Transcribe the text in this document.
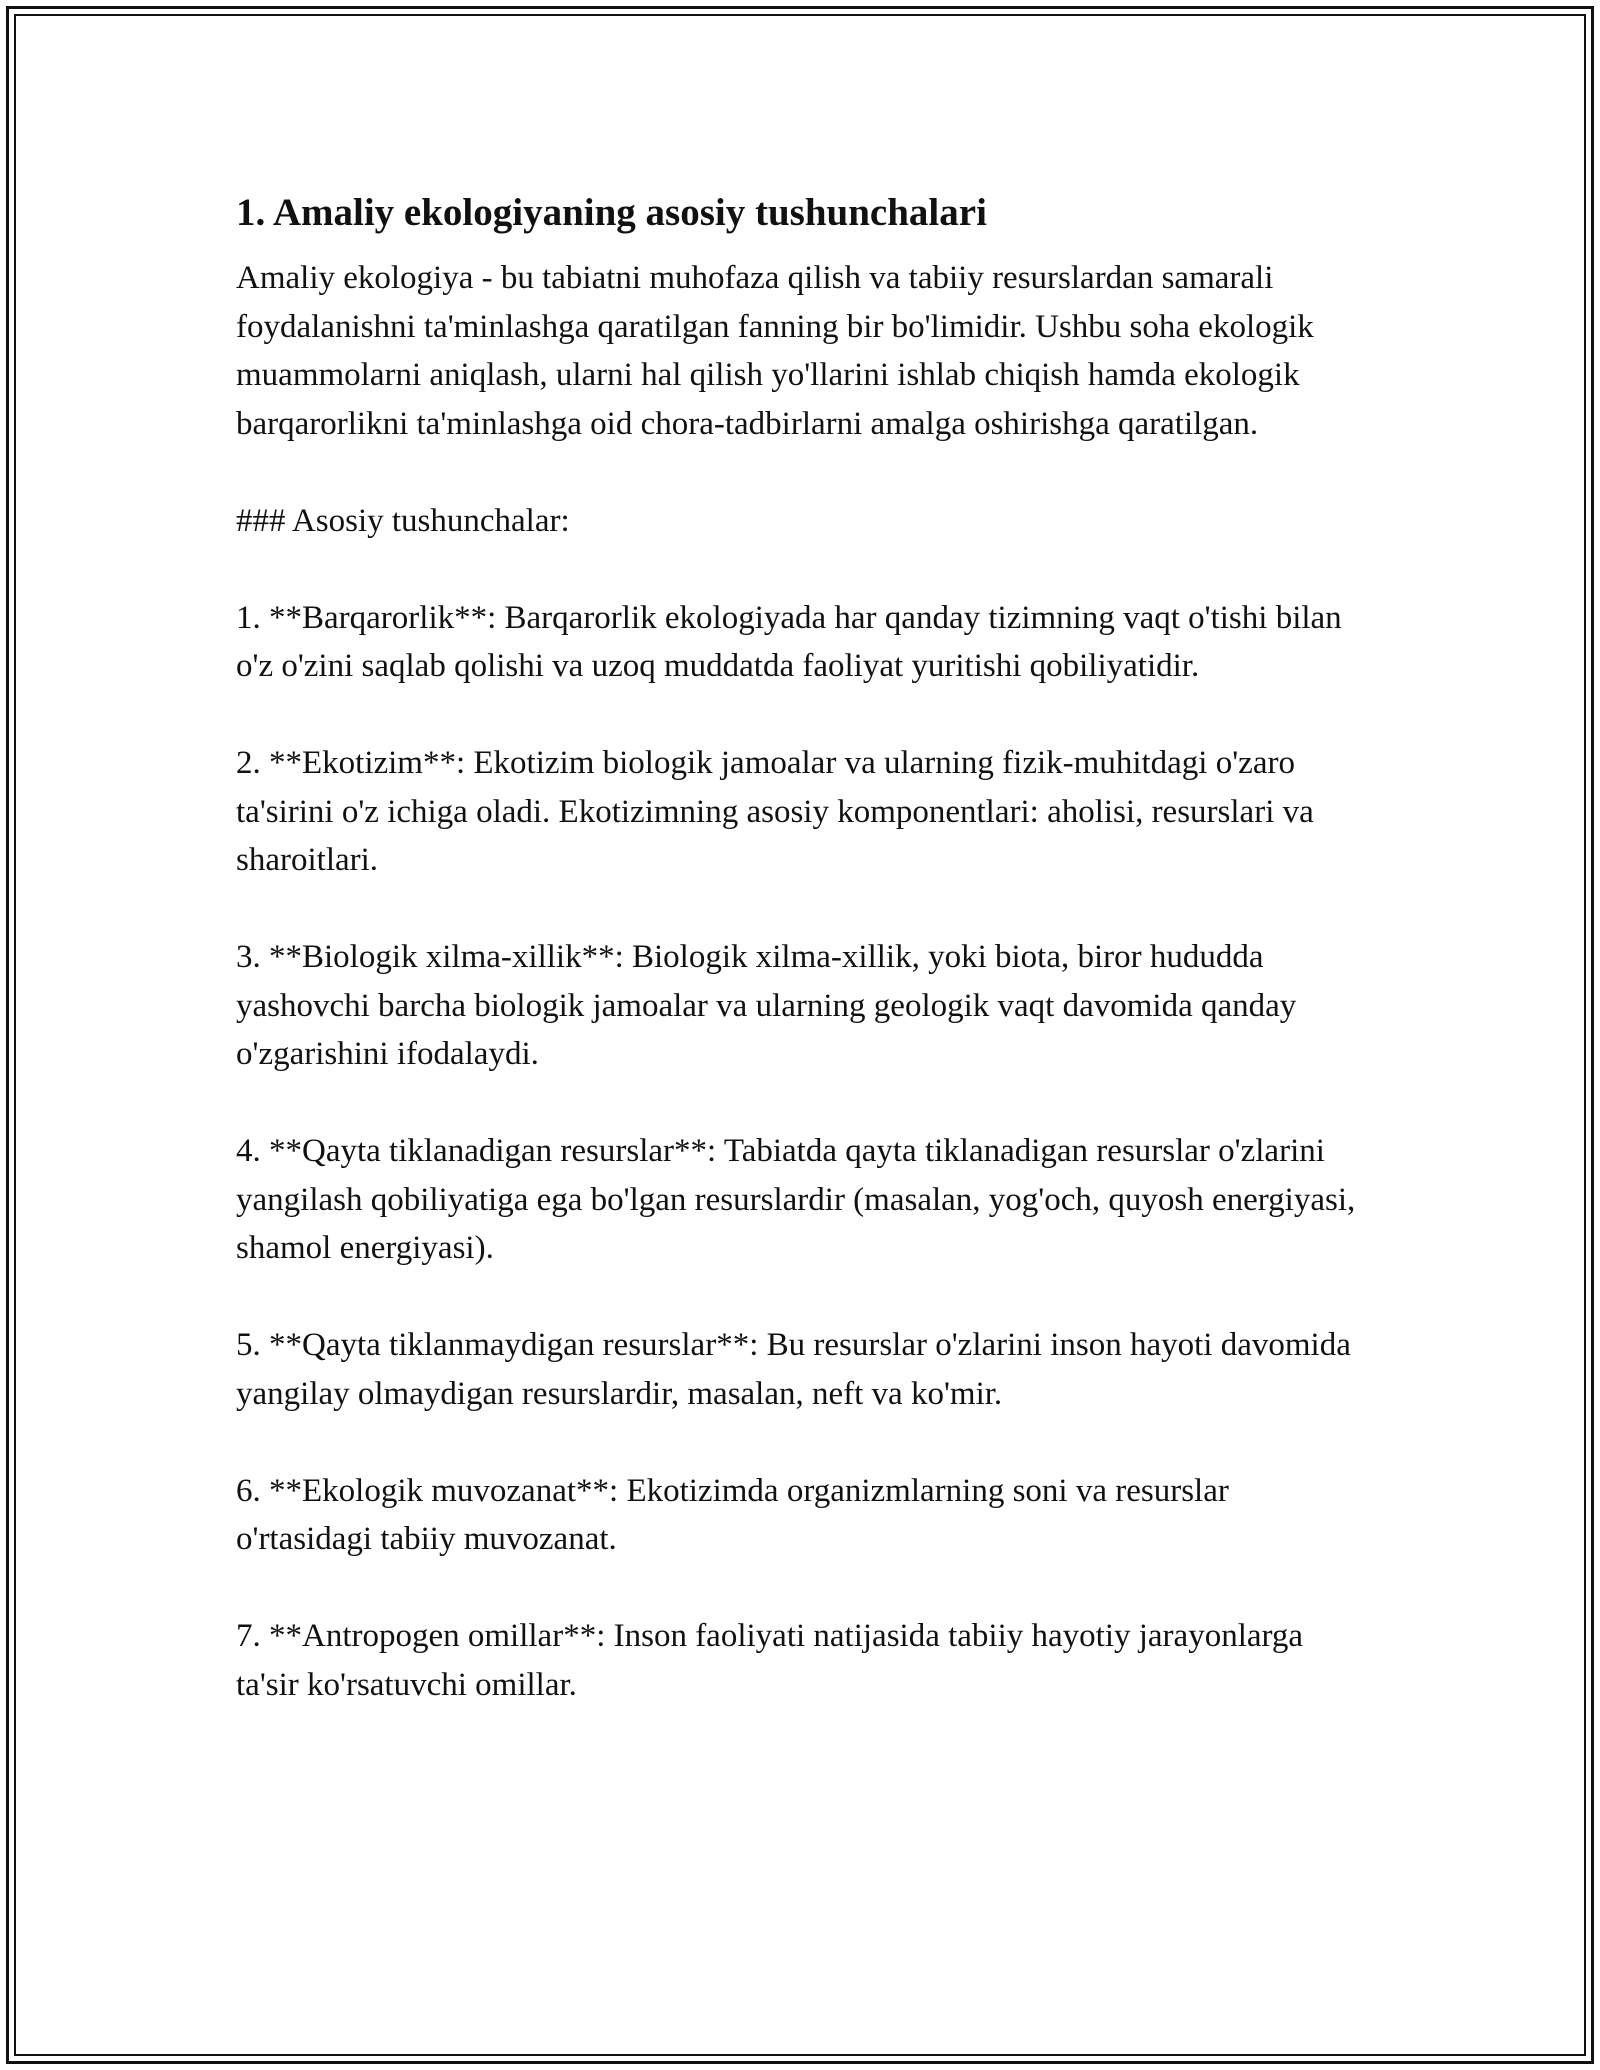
1. Amaliy ekologiyaning asosiy tushunchalari

Amaliy ekologiya - bu tabiatni muhofaza qilish va tabiiy resurslardan samarali foydalanishni ta'minlashga qaratilgan fanning bir bo'limidir. Ushbu soha ekologik muammolarni aniqlash, ularni hal qilish yo'llarini ishlab chiqish hamda ekologik barqarorlikni ta'minlashga oid chora-tadbirlarni amalga oshirishga qaratilgan.

### Asosiy tushunchalar:

1. **Barqarorlik**: Barqarorlik ekologiyada har qanday tizimning vaqt o'tishi bilan o'z o'zini saqlab qolishi va uzoq muddatda faoliyat yuritishi qobiliyatidir.

2. **Ekotizim**: Ekotizim biologik jamoalar va ularning fizik-muhitdagi o'zaro ta'sirini o'z ichiga oladi. Ekotizimning asosiy komponentlari: aholisi, resurslari va sharoitlari.

3. **Biologik xilma-xillik**: Biologik xilma-xillik, yoki biota, biror hududda yashovchi barcha biologik jamoalar va ularning geologik vaqt davomida qanday o'zgarishini ifodalaydi.

4. **Qayta tiklanadigan resurslar**: Tabiatda qayta tiklanadigan resurslar o'zlarini yangilash qobiliyatiga ega bo'lgan resurslardir (masalan, yog'och, quyosh energiyasi, shamol energiyasi).

5. **Qayta tiklanmaydigan resurslar**: Bu resurslar o'zlarini inson hayoti davomida yangilay olmaydigan resurslardir, masalan, neft va ko'mir.

6. **Ekologik muvozanat**: Ekotizimda organizmlarning soni va resurslar o'rtasidagi tabiiy muvozanat.

7. **Antropogen omillar**: Inson faoliyati natijasida tabiiy hayotiy jarayonlarga ta'sir ko'rsatuvchi omillar.
